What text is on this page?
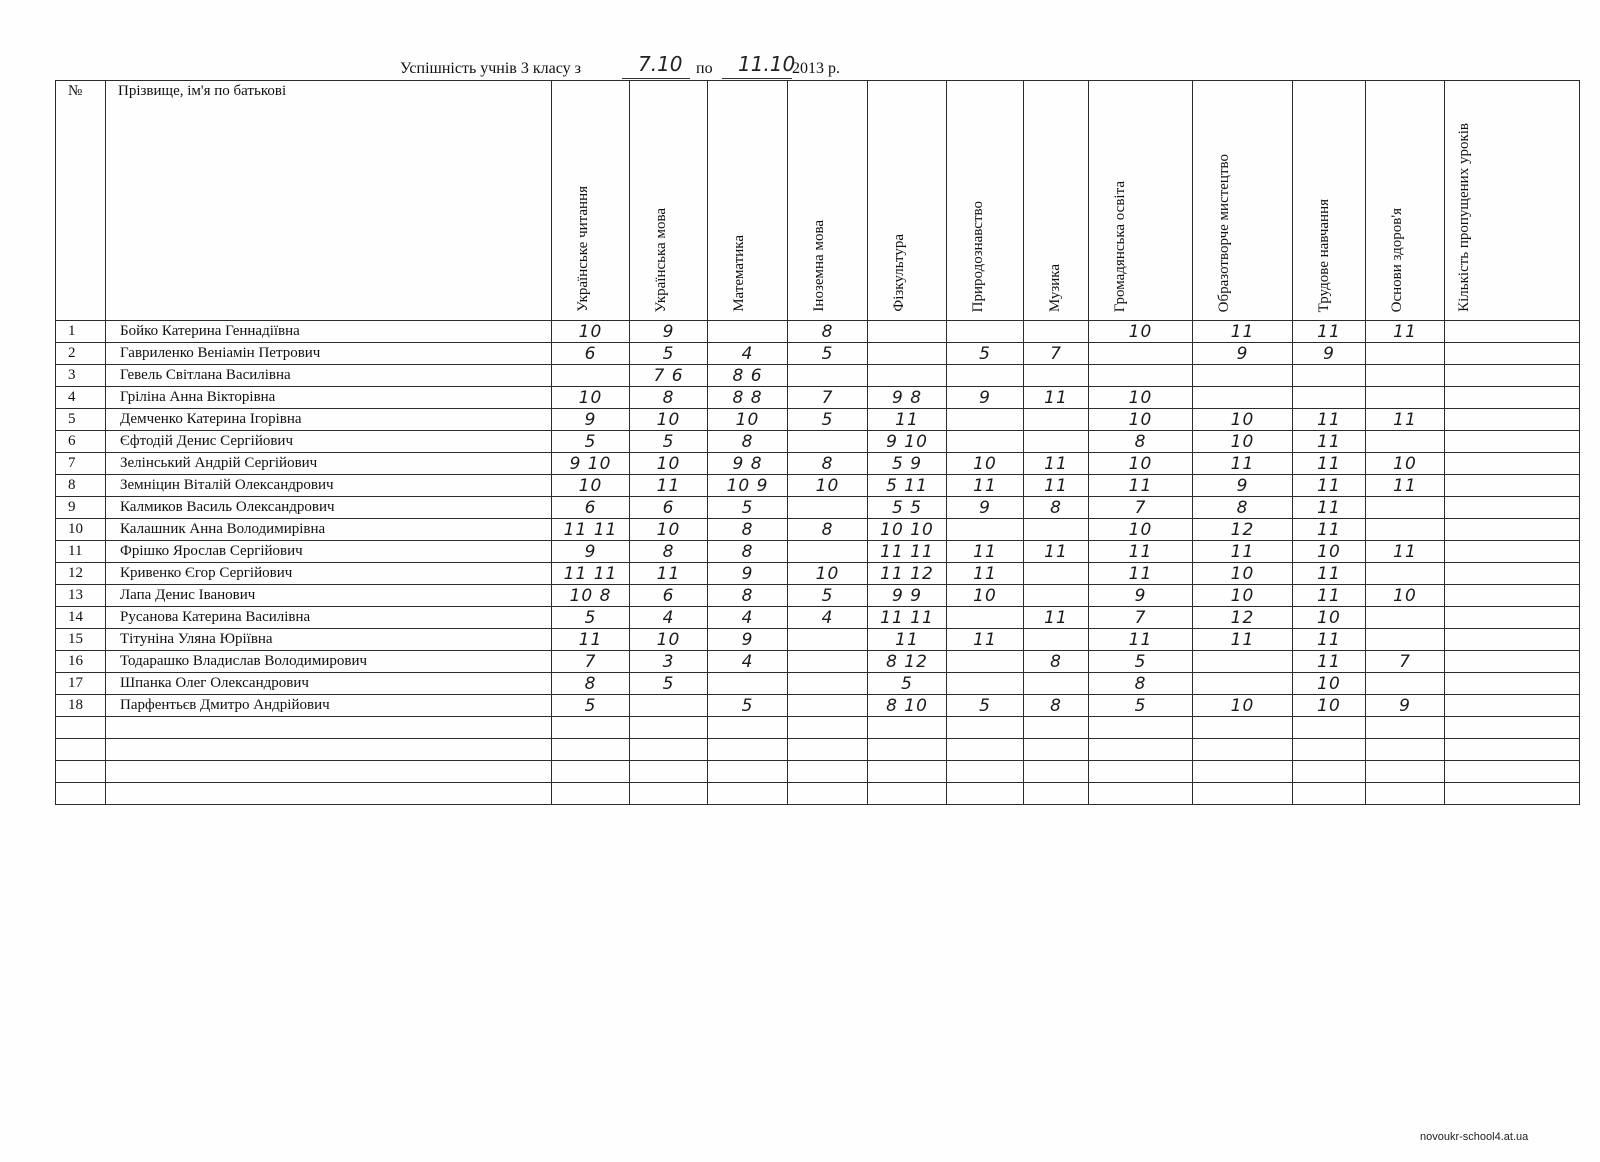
Успішність учнів 3 класу з	7.10 по 11.10
2013 р.
№	Прізвище, ім'я по батькові	Українське читання	Українська мова	Математика	Іноземна мова	Фізкультура	Природознавство	Музика	Громадянська освіта	Образотворче мистецтво	Трудове навчання	Основи здоров'я	Кількість пропущених уроків

1	Бойко Катерина Геннадіївна	10	9		8				10	11	11	11	
2	Гавриленко Веніамін Петрович	6	5	4	5		5	7		9	9		
3	Гевель Світлана Василівна		7 6	8 6									
4	Гріліна Анна Вікторівна	10	8	8 8	7	9 8	9	11	10				
5	Демченко Катерина Ігорівна	9	10	10	5	11			10	10	11	11	
6	Єфтодій Денис Сергійович	5	5	8		9 10			8	10	11		
7	Зелінський Андрій Сергійович	9 10	10	9 8	8	5 9	10	11	10	11	11	10	
8	Земніцин Віталій Олександрович	10	11	10 9	10	5 11	11	11	11	9	11	11	
9	Калмиков Василь Олександрович	6	6	5		5 5	9	8	7	8	11		
10	Калашник Анна Володимирівна	11 11	10	8	8	10 10			10	12	11		
11	Фрішко Ярослав Сергійович	9	8	8		11 11	11	11	11	11	10	11	
12	Кривенко Єгор Сергійович	11 11	11	9	10	11 12	11		11	10	11		
13	Лапа Денис Іванович	10 8	6	8	5	9 9	10		9	10	11	10	
14	Русанова Катерина Василівна	5	4	4	4	11 11		11	7	12	10		
15	Тітуніна Уляна Юріївна	11	10	9		11	11		11	11	11		
16	Тодарашко Владислав Володимирович	7	3	4		8 12		8	5		11	7	
17	Шпанка Олег Олександрович	8	5			5			8		10		
18	Парфентьєв Дмитро Андрійович	5		5		8 10	5	8	5	10	10	9	

novoukr-school4.at.ua
